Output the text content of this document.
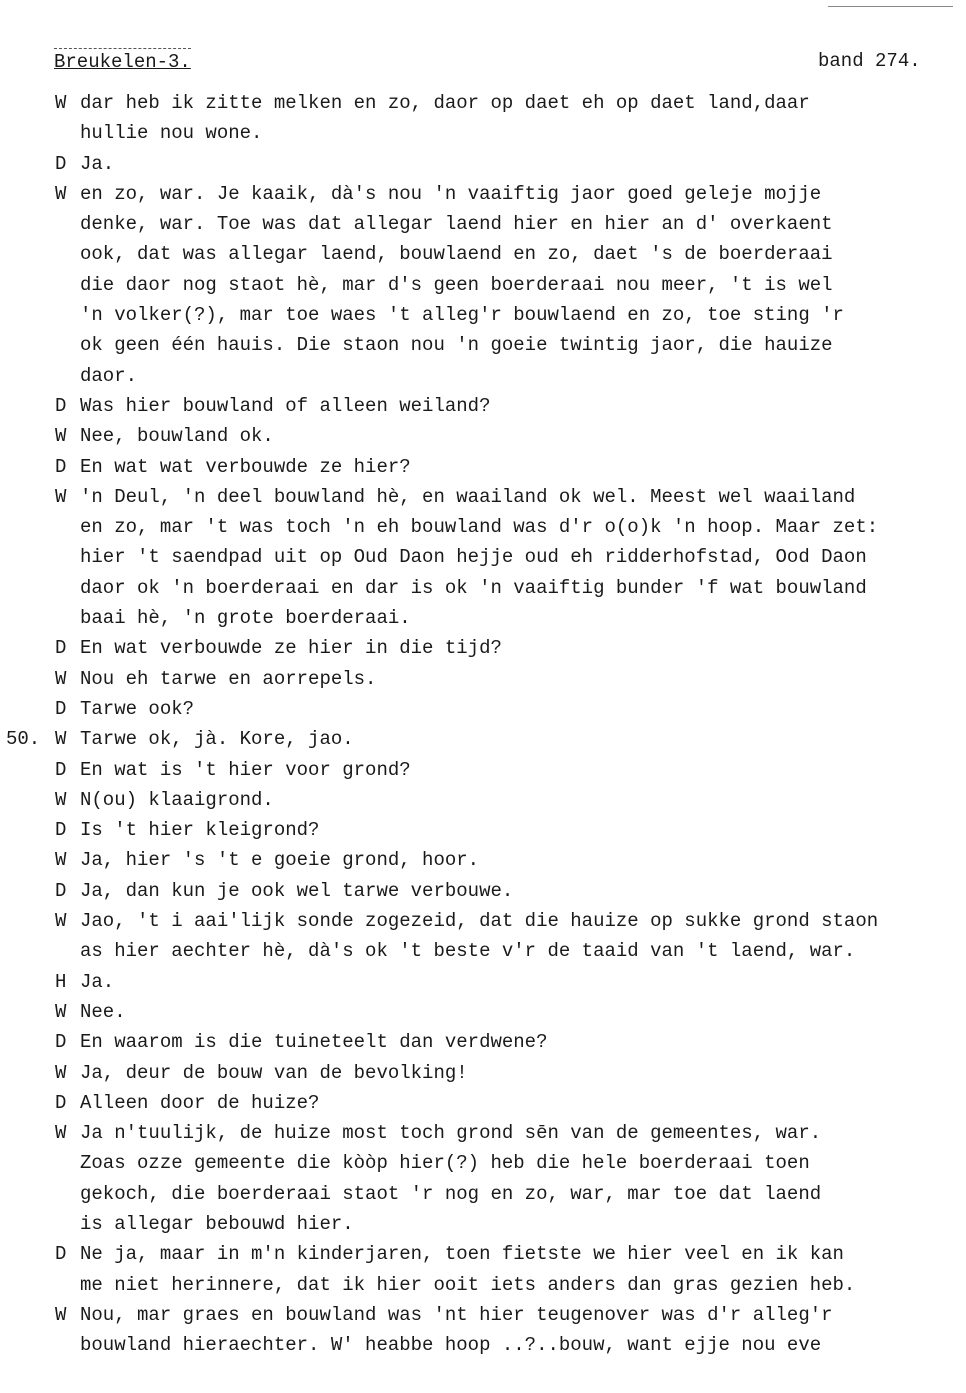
Breukelen-3.	band 274.
W dar heb ik zitte melken en zo, daor op daet eh op daet land,daar
hullie nou wone.
D Ja.
W en zo, war. Je kaaik, dà's nou 'n vaaiftig jaor goed geleje mojje
denke, war. Toe was dat allegar laend hier en hier an d' overkaent
ook, dat was allegar laend, bouwlaend en zo, daet 's de boerderaai
die daor nog staot hè, mar d's geen boerderaai nou meer, 't is wel
'n volker(?), mar toe waes 't alleg'r bouwlaend en zo, toe sting 'r
ok geen één hauis. Die staon nou 'n goeie twintig jaor, die hauize
daor.
D Was hier bouwland of alleen weiland?
W Nee, bouwland ok.
D En wat wat verbouwde ze hier?
W 'n Deul, 'n deel bouwland hè, en waailand ok wel. Meest wel waailand
en zo, mar 't was toch 'n eh bouwland was d'r o(o)k 'n hoop. Maar zet:
hier 't saendpad uit op Oud Daon hejje oud eh ridderhofstad, Ood Daon
daor ok 'n boerderaai en dar is ok 'n vaaiftig bunder 'f wat bouwland
baai hè, 'n grote boerderaai.
D En wat verbouwde ze hier in die tijd?
W Nou eh tarwe en aorrepels.
D Tarwe ook?
50. W Tarwe ok, jà. Kore, jao.
D En wat is 't hier voor grond?
W N(ou) klaaigrond.
D Is 't hier kleigrond?
W Ja, hier 's 't e goeie grond, hoor.
D Ja, dan kun je ook wel tarwe verbouwe.
W Jao, 't i aai'lijk sonde zogezeid, dat die hauize op sukke grond staon
as hier aechter hè, dà's ok 't beste v'r de taaid van 't laend, war.
H Ja.
W Nee.
D En waarom is die tuineteelt dan verdwene?
W Ja, deur de bouw van de bevolking!
D Alleen door de huize?
W Ja n'tuulijk, de huize most toch grond sēn van de gemeentes, war.
Zoas ozze gemeente die kòòp hier(?) heb die hele boerderaai toen
gekoch, die boerderaai staot 'r nog en zo, war, mar toe dat laend
is allegar bebouwd hier.
D Ne ja, maar in m'n kinderjaren, toen fietste we hier veel en ik kan
me niet herinnere, dat ik hier ooit iets anders dan gras gezien heb.
W Nou, mar graes en bouwland was 'nt hier teugenover was d'r alleg'r
bouwland hieraechter. W' heabbe hoop ..?..bouw, want ejje nou eve
